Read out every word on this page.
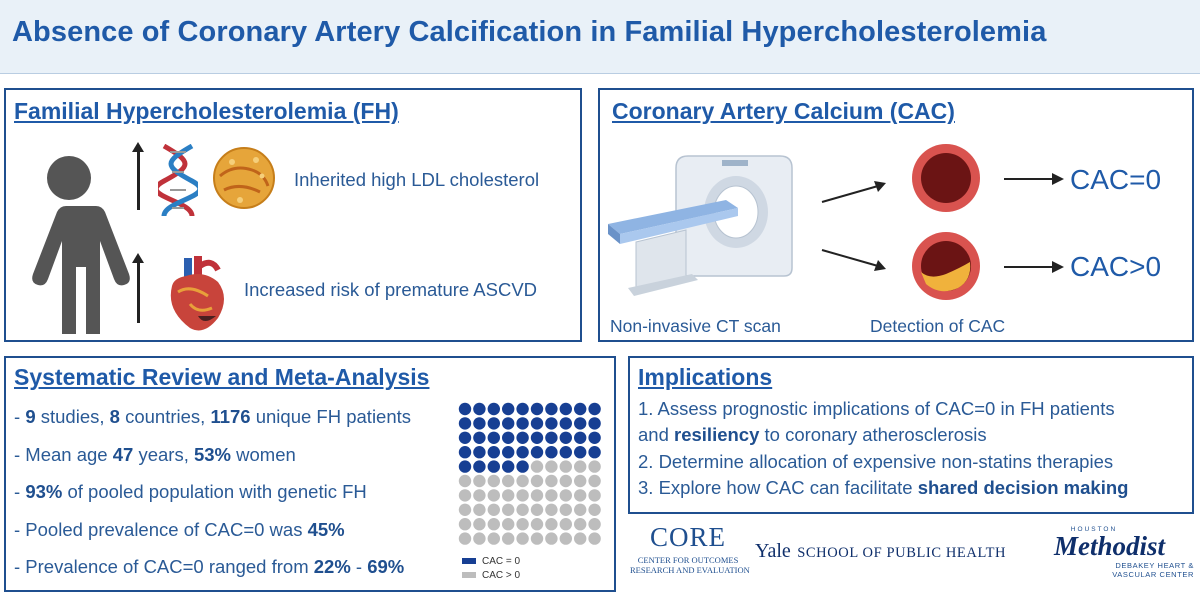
Absence of Coronary Artery Calcification in Familial Hypercholesterolemia
Familial Hypercholesterolemia (FH)
Inherited high LDL cholesterol
Increased risk of premature ASCVD
Coronary Artery Calcium (CAC)
Non-invasive CT scan	Detection of CAC
CAC=0
CAC>0
Systematic Review and Meta-Analysis
- 9 studies, 8 countries, 1176 unique FH patients
- Mean age 47 years, 53% women
- 93% of pooled population with genetic FH
- Pooled prevalence of CAC=0 was 45%
- Prevalence of CAC=0 ranged from 22% - 69%	CAC = 0
CAC > 0
Implications
1. Assess prognostic implications of CAC=0 in FH patients
and resiliency to coronary atherosclerosis
2. Determine allocation of expensive non-statins therapies
3. Explore how CAC can facilitate shared decision making
CORE
CENTER FOR OUTCOMES
RESEARCH AND EVALUATION
Yale SCHOOL OF PUBLIC HEALTH
HOUSTON
Methodist
DEBAKEY HEART &
VASCULAR CENTER
